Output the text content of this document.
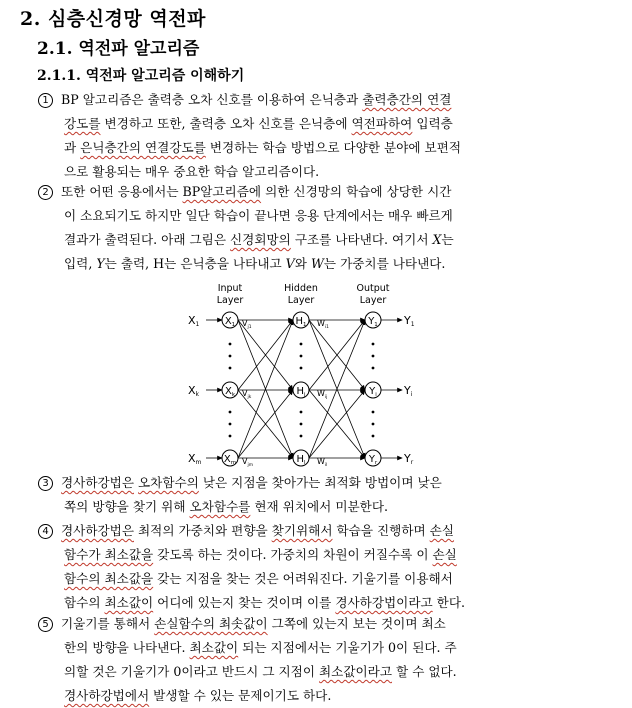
2. 심층신경망 역전파
2.1. 역전파 알고리즘
2.1.1. 역전파 알고리즘 이해하기
1 BP 알고리즘은 출력층 오차 신호를 이용하여 은닉층과 출력층간의 연결
강도를 변경하고 또한, 출력층 오차 신호를 은닉층에 역전파하여 입력층
과 은닉층간의 연결강도를 변경하는 학습 방법으로 다양한 분야에 보편적
으로 활용되는 매우 중요한 학습 알고리즘이다.
2 또한 어떤 응용에서는 BP알고리즘에 의한 신경망의 학습에 상당한 시간
이 소요되기도 하지만 일단 학습이 끝나면 응용 단계에서는 매우 빠르게
결과가 출력된다. 아래 그림은 신경회망의 구조를 나타낸다. 여기서 X는
입력, Y는 출력, H는 은닉층을 나타내고 V와 W는 가중치를 나타낸다.
X1
Xk
Xm
Y1
Yi
Yr
$X_1$
$X_k$
$X_m$
$H_1$
$H_j$
$H_l$
$Y_1$
$Y_i$
$Y_r$
$V_{j1}$
$V_{jk}$
$V_{jm}$
$W_{i1}$
$W_{ij}$
$W_{il}$
Input
Layer
Hidden
Layer
Output
Layer
3 경사하강법은 오차함수의 낮은 지점을 찾아가는 최적화 방법이며 낮은
쪽의 방향을 찾기 위해 오차함수를 현재 위치에서 미분한다.
4 경사하강법은 최적의 가중치와 편향을 찾기위해서 학습을 진행하며 손실
함수가 최소값을 갖도록 하는 것이다. 가중치의 차원이 커질수록 이 손실
함수의 최소값을 갖는 지점을 찾는 것은 어려워진다. 기울기를 이용해서
함수의 최소값이 어디에 있는지 찾는 것이며 이를 경사하강법이라고 한다.
5 기울기를 통해서 손실함수의 최솟값이 그쪽에 있는지 보는 것이며 최소
한의 방향을 나타낸다. 최소값이 되는 지점에서는 기울기가 0이 된다. 주
의할 것은 기울기가 0이라고 반드시 그 지점이 최소값이라고 할 수 없다.
경사하강법에서 발생할 수 있는 문제이기도 하다.
